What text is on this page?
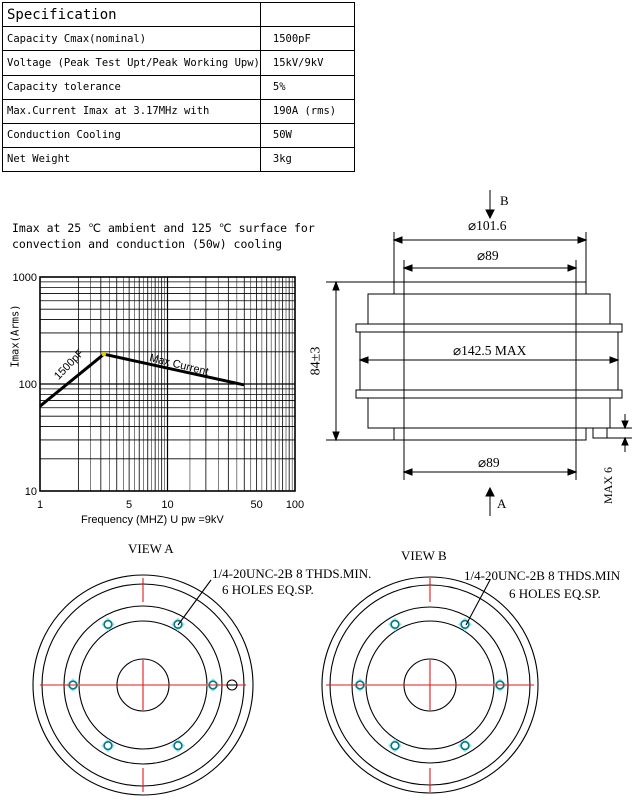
Specification	
Capacity Cmax(nominal)	1500pF
Voltage (Peak Test Upt/Peak Working Upw)	15kV/9kV
Capacity tolerance	5%
Max.Current Imax at 3.17MHz with	190A (rms)
Conduction Cooling	50W
Net Weight	3kg
Imax at 25 ℃ ambient and 125 ℃ surface for
convection and conduction (50w) cooling
1	5	10	50 100
10
100
1000
Imax(Arms)
Frequency (MHZ) U pw =9kV
1500pF	Max Current
B
A
⌀101.6
⌀89
⌀142.5 MAX
⌀89
84±3
MAX 6
VIEW A
1/4-20UNC-2B 8 THDS.MIN.
6 HOLES EQ.SP.
VIEW B
1/4-20UNC-2B 8 THDS.MIN
6 HOLES EQ.SP.
